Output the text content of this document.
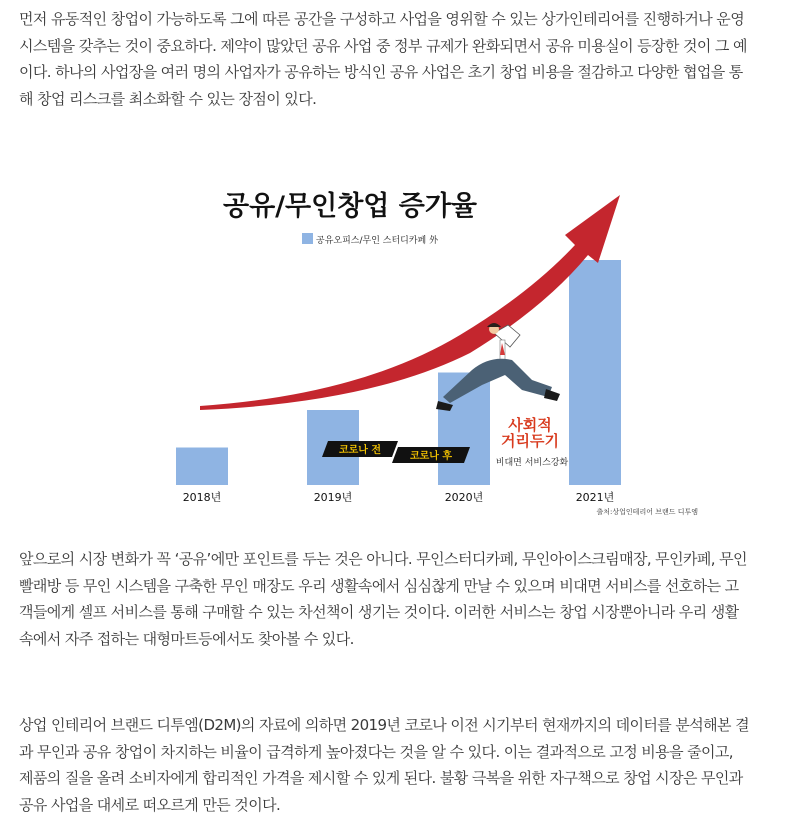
먼저 유동적인 창업이 가능하도록 그에 따른 공간을 구성하고 사업을 영위할 수 있는 상가인테리어를 진행하거나 운영
시스템을 갖추는 것이 중요하다. 제약이 많았던 공유 사업 중 정부 규제가 완화되면서 공유 미용실이 등장한 것이 그 예
이다. 하나의 사업장을 여러 명의 사업자가 공유하는 방식인 공유 사업은 초기 창업 비용을 절감하고 다양한 협업을 통
해 창업 리스크를 최소화할 수 있는 장점이 있다.
공유/무인창업 증가율
공유오피스/무인 스터디카페 外
코로나 전
코로나 후
사회적
거리두기
비대면 서비스강화
2018년	2019년	2020년	2021년
출처:상업인테리어 브랜드 디투엠
앞으로의 시장 변화가 꼭 ‘공유’에만 포인트를 두는 것은 아니다. 무인스터디카페, 무인아이스크림매장, 무인카페, 무인
빨래방 등 무인 시스템을 구축한 무인 매장도 우리 생활속에서 심심찮게 만날 수 있으며 비대면 서비스를 선호하는 고
객들에게 셀프 서비스를 통해 구매할 수 있는 차선책이 생기는 것이다. 이러한 서비스는 창업 시장뿐아니라 우리 생활
속에서 자주 접하는 대형마트등에서도 찾아볼 수 있다.
상업 인테리어 브랜드 디투엠(D2M)의 자료에 의하면 2019년 코로나 이전 시기부터 현재까지의 데이터를 분석해본 결
과 무인과 공유 창업이 차지하는 비율이 급격하게 높아졌다는 것을 알 수 있다. 이는 결과적으로 고정 비용을 줄이고,
제품의 질을 올려 소비자에게 합리적인 가격을 제시할 수 있게 된다. 불황 극복을 위한 자구책으로 창업 시장은 무인과
공유 사업을 대세로 떠오르게 만든 것이다.
